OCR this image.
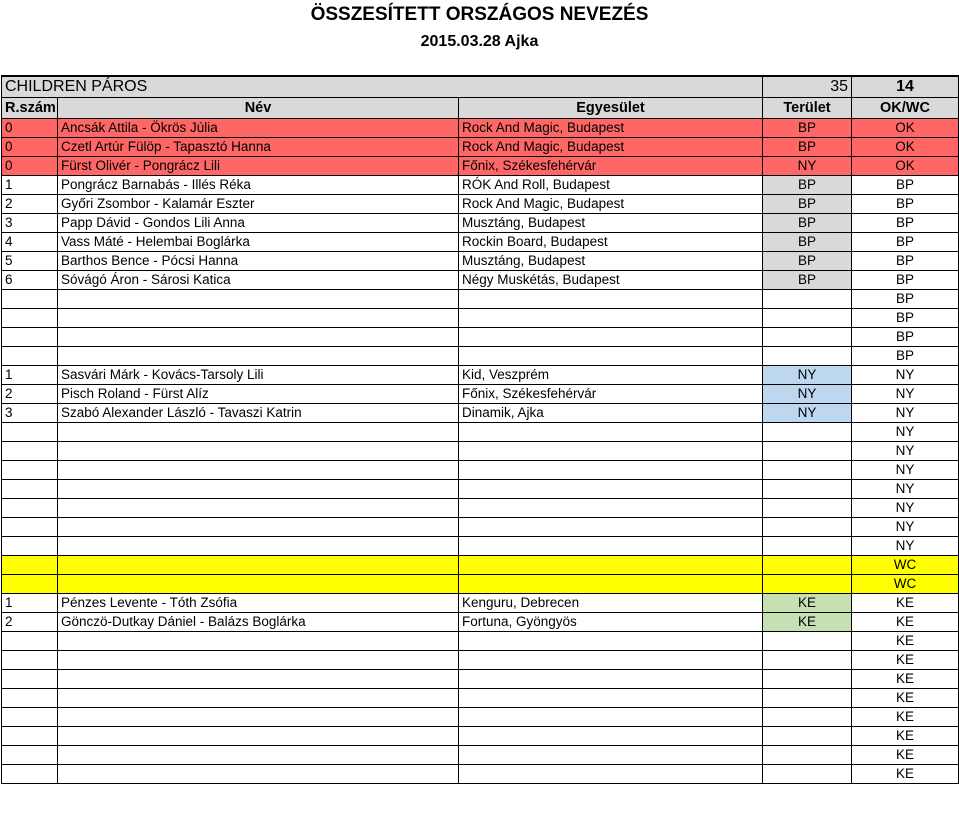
ÖSSZESÍTETT ORSZÁGOS NEVEZÉS
2015.03.28 Ajka
CHILDREN PÁROS			35	14
R.szám	Név	Egyesület	Terület	OK/WC
0	Ancsák Attila - Ökrös Júlia	Rock And Magic, Budapest	BP	OK
0	Czetl Artúr Fülöp - Tapasztó Hanna	Rock And Magic, Budapest	BP	OK
0	Fürst Olivér - Pongrácz Lili	Főnix, Székesfehérvár	NY	OK
1	Pongrácz Barnabás - Illés Réka	RÓK And Roll, Budapest	BP	BP
2	Győri Zsombor - Kalamár Eszter	Rock And Magic, Budapest	BP	BP
3	Papp Dávid - Gondos Lili Anna	Musztáng, Budapest	BP	BP
4	Vass Máté - Helembai Boglárka	Rockin Board, Budapest	BP	BP
5	Barthos Bence - Pócsi Hanna	Musztáng, Budapest	BP	BP
6	Sóvágó Áron - Sárosi Katica	Négy Muskétás, Budapest	BP	BP
				BP
				BP
				BP
				BP
1	Sasvári Márk - Kovács-Tarsoly Lili	Kid, Veszprém	NY	NY
2	Pisch Roland - Fürst Alíz	Főnix, Székesfehérvár	NY	NY
3	Szabó Alexander László - Tavaszi Katrin	Dinamik, Ajka	NY	NY
				NY
				NY
				NY
				NY
				NY
				NY
				NY
				WC
				WC
1	Pénzes Levente - Tóth Zsófia	Kenguru, Debrecen	KE	KE
2	Gönczö-Dutkay Dániel - Balázs Boglárka	Fortuna, Gyöngyös	KE	KE
				KE
				KE
				KE
				KE
				KE
				KE
				KE
				KE
